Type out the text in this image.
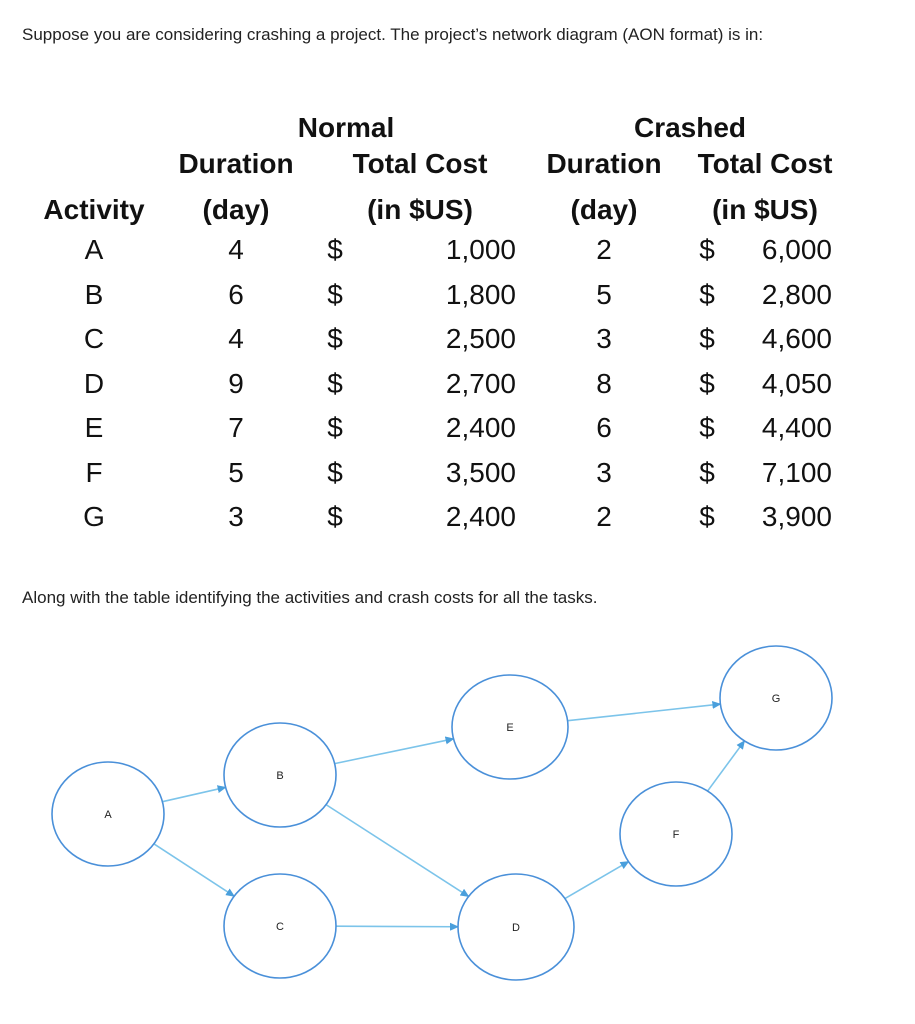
Suppose you are considering crashing a project. The project’s network diagram (AON format) is in:
Normal	Crashed
Duration Total Cost Duration Total Cost
Activity (day)	(in $US)	(day)	(in $US)
A	4	$	1,000	2	$ 6,000
B	6	$	1,800	5	$ 2,800
C	4	$	2,500	3	$ 4,600
D	9	$	2,700	8	$ 4,050
E	7	$	2,400	6	$ 4,400
F	5	$	3,500	3	$ 7,100
G	3	$	2,400	2	$ 3,900
Along with the table identifying the activities and crash costs for all the tasks.
A
B
C	D
E
F
G
